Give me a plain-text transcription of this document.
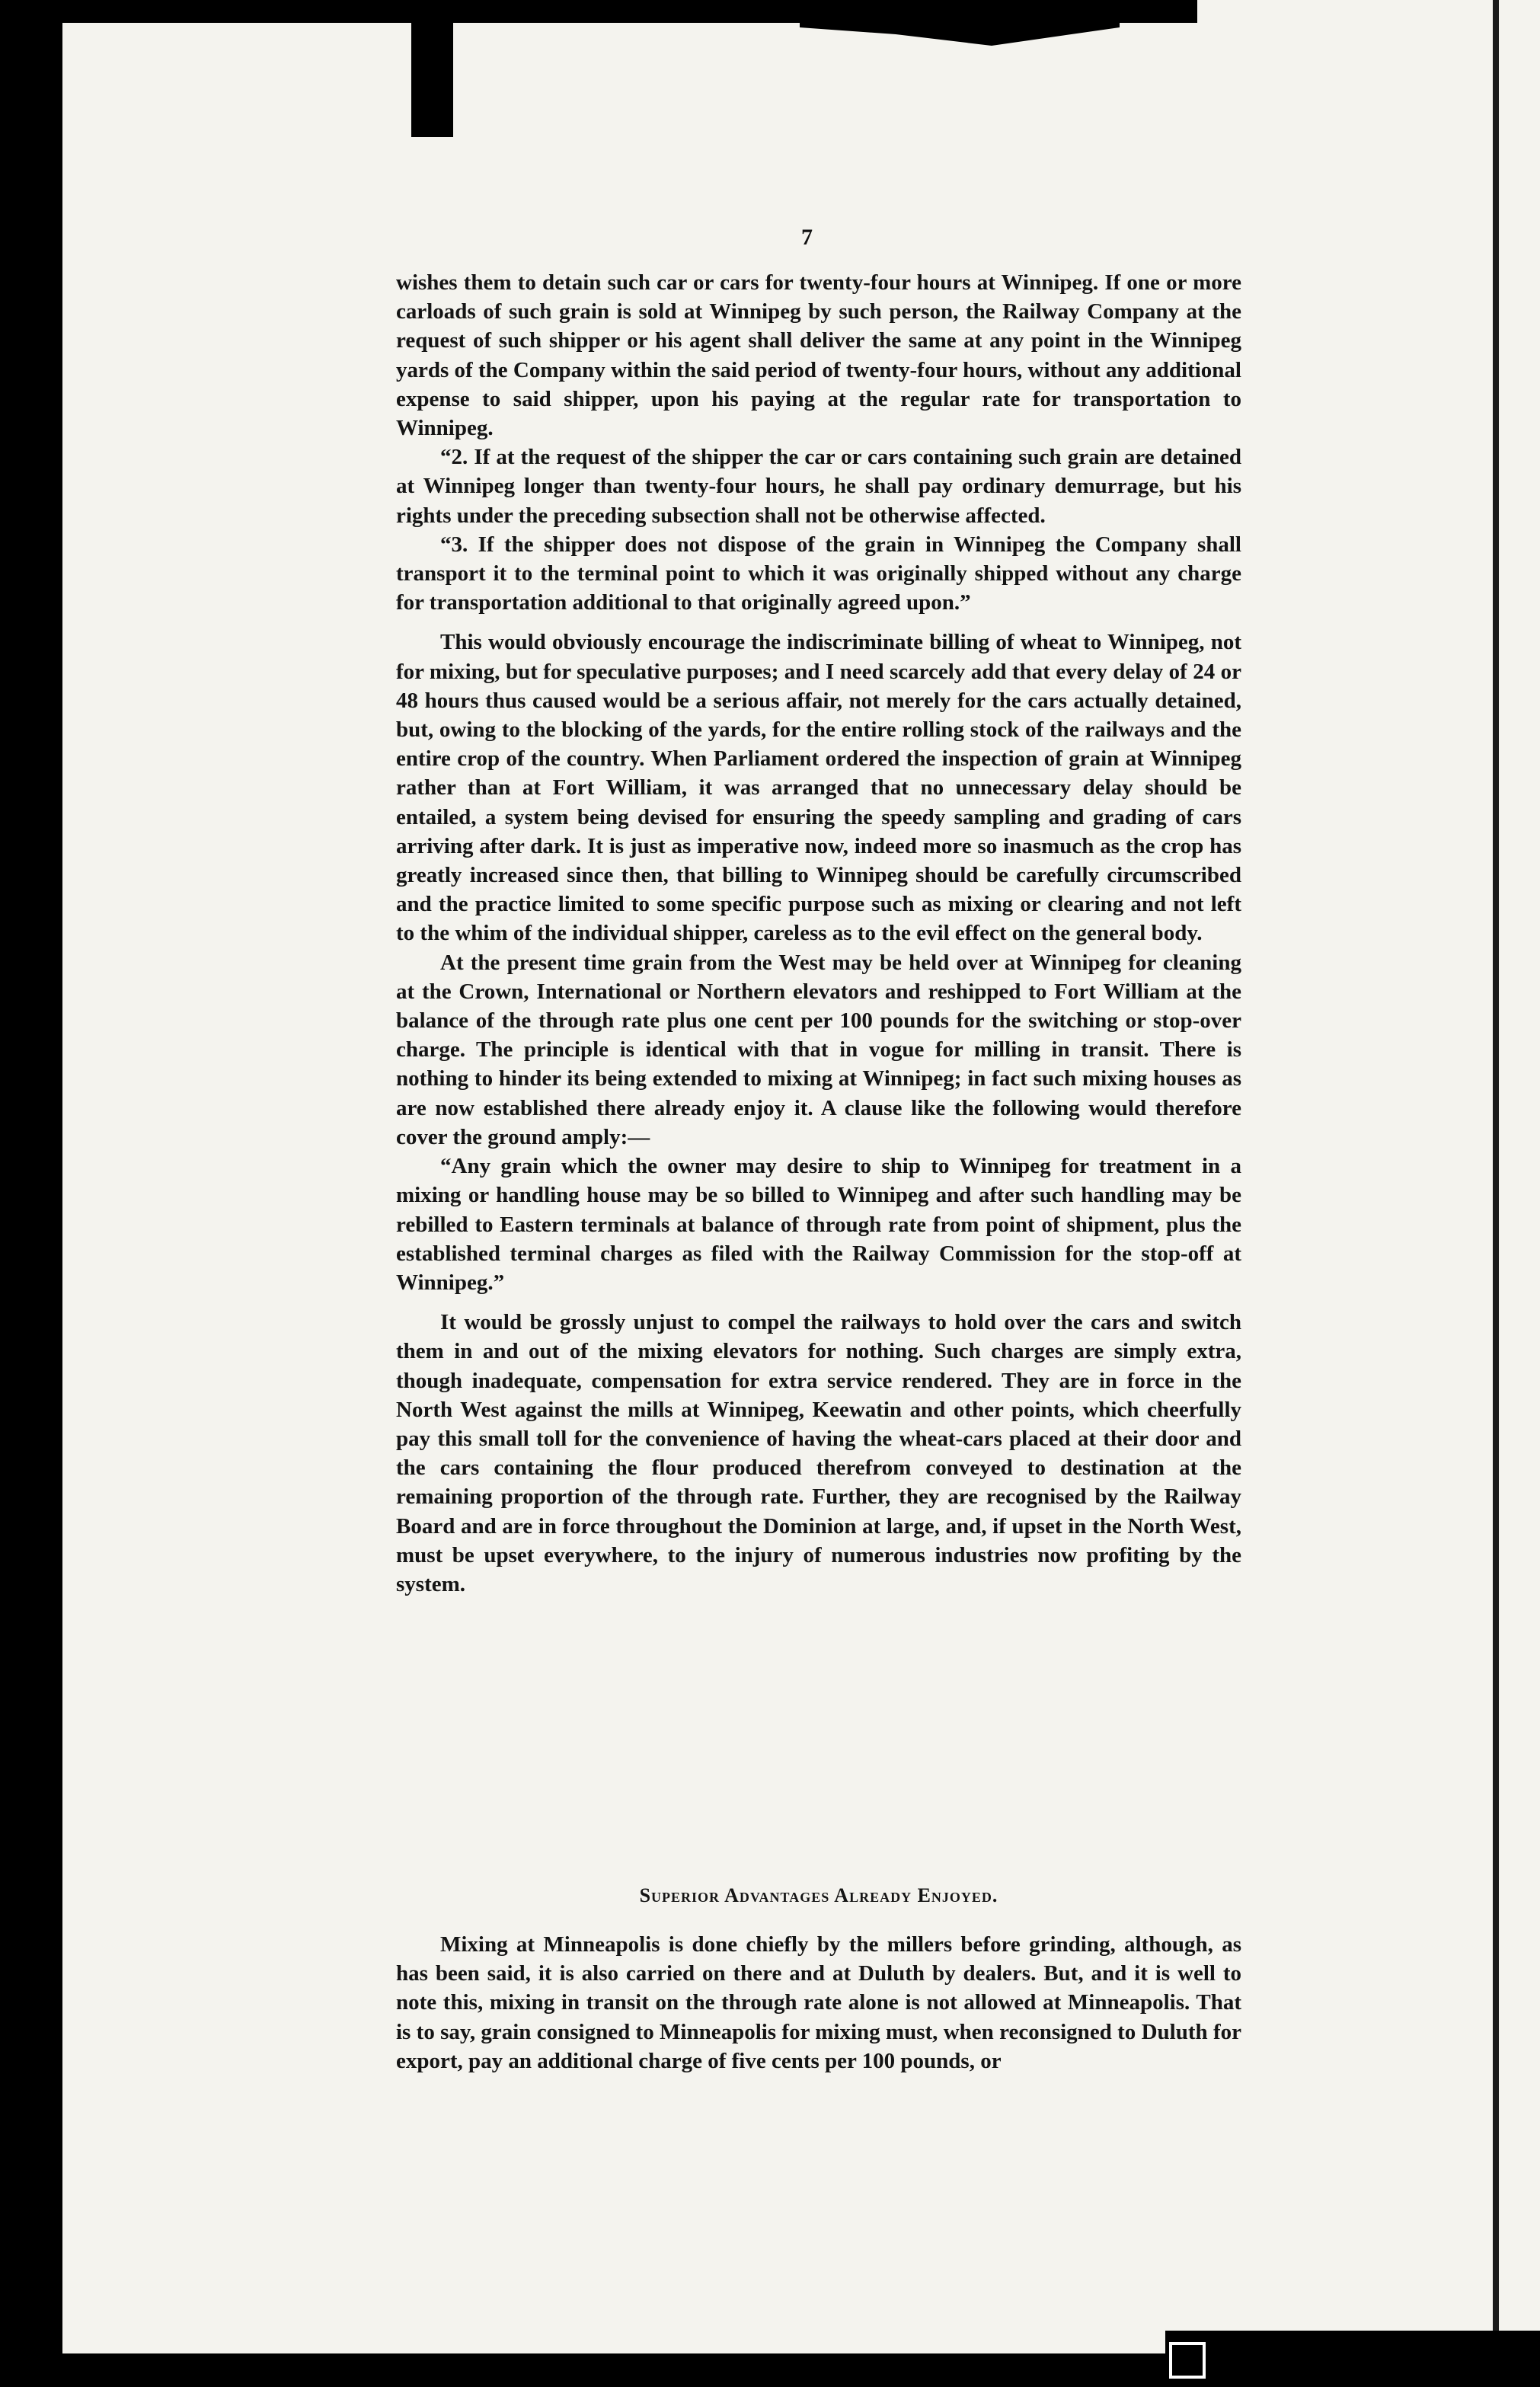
7

wishes them to detain such car or cars for twenty-four hours at Winnipeg. If one or more carloads of such grain is sold at Winnipeg by such person, the Railway Company at the request of such shipper or his agent shall deliver the same at any point in the Winnipeg yards of the Company within the said period of twenty-four hours, without any additional expense to said shipper, upon his paying at the regular rate for transportation to Winnipeg.

“2. If at the request of the shipper the car or cars containing such grain are detained at Winnipeg longer than twenty-four hours, he shall pay ordinary demurrage, but his rights under the preceding subsection shall not be otherwise affected.

“3. If the shipper does not dispose of the grain in Winnipeg the Company shall transport it to the terminal point to which it was originally shipped without any charge for transportation additional to that originally agreed upon.”

This would obviously encourage the indiscriminate billing of wheat to Winnipeg, not for mixing, but for speculative purposes; and I need scarcely add that every delay of 24 or 48 hours thus caused would be a serious affair, not merely for the cars actually detained, but, owing to the blocking of the yards, for the entire rolling stock of the railways and the entire crop of the country. When Parliament ordered the inspection of grain at Winnipeg rather than at Fort William, it was arranged that no unnecessary delay should be entailed, a system being devised for ensuring the speedy sampling and grading of cars arriving after dark. It is just as imperative now, indeed more so inasmuch as the crop has greatly increased since then, that billing to Winnipeg should be carefully circumscribed and the practice limited to some specific purpose such as mixing or clearing and not left to the whim of the individual shipper, careless as to the evil effect on the general body.

At the present time grain from the West may be held over at Winnipeg for cleaning at the Crown, International or Northern elevators and reshipped to Fort William at the balance of the through rate plus one cent per 100 pounds for the switching or stop-over charge. The principle is identical with that in vogue for milling in transit. There is nothing to hinder its being extended to mixing at Winnipeg; in fact such mixing houses as are now established there already enjoy it. A clause like the following would therefore cover the ground amply:—

“Any grain which the owner may desire to ship to Winnipeg for treatment in a mixing or handling house may be so billed to Winnipeg and after such handling may be rebilled to Eastern terminals at balance of through rate from point of shipment, plus the established terminal charges as filed with the Railway Commission for the stop-off at Winnipeg.”

It would be grossly unjust to compel the railways to hold over the cars and switch them in and out of the mixing elevators for nothing. Such charges are simply extra, though inadequate, compensation for extra service rendered. They are in force in the North West against the mills at Winnipeg, Keewatin and other points, which cheerfully pay this small toll for the convenience of having the wheat-cars placed at their door and the cars containing the flour produced therefrom conveyed to destination at the remaining proportion of the through rate. Further, they are recognised by the Railway Board and are in force throughout the Dominion at large, and, if upset in the North West, must be upset everywhere, to the injury of numerous industries now profiting by the system.

Superior Advantages Already Enjoyed.

Mixing at Minneapolis is done chiefly by the millers before grinding, although, as has been said, it is also carried on there and at Duluth by dealers. But, and it is well to note this, mixing in transit on the through rate alone is not allowed at Minneapolis. That is to say, grain consigned to Minneapolis for mixing must, when reconsigned to Duluth for export, pay an additional charge of five cents per 100 pounds, or
